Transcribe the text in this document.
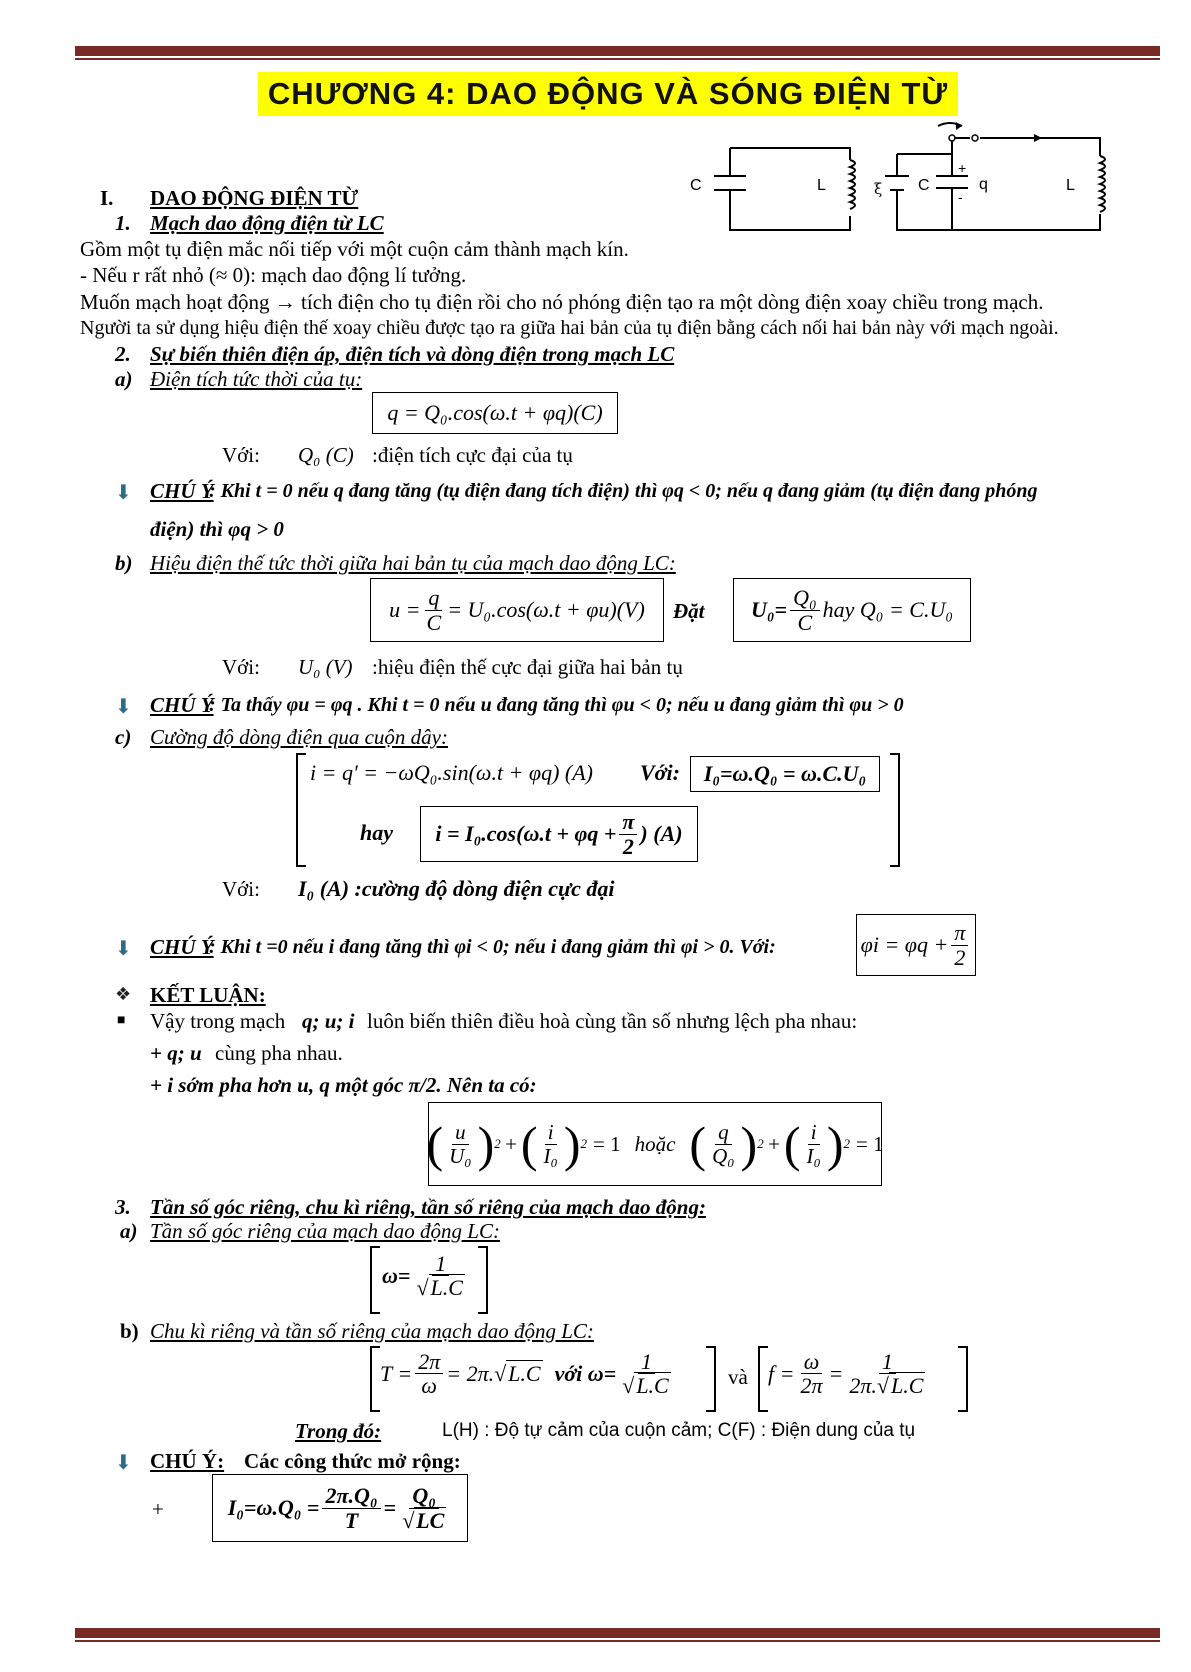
CHƯƠNG 4: DAO ĐỘNG VÀ SÓNG ĐIỆN TỪ
C	L	ξ C
+
-
q	L
I. DAO ĐỘNG ĐIỆN TỪ
1. Mạch dao động điện từ LC
Gồm một tụ điện mắc nối tiếp với một cuộn cảm thành mạch kín.
- Nếu r rất nhỏ (≈ 0): mạch dao động lí tưởng.
Muốn mạch hoạt động → tích điện cho tụ điện rồi cho nó phóng điện tạo ra một dòng điện xoay chiều trong mạch.
Người ta sử dụng hiệu điện thế xoay chiều được tạo ra giữa hai bản của tụ điện bằng cách nối hai bản này với mạch ngoài.
2. Sự biến thiên điện áp, điện tích và dòng điện trong mạch LC
a) Điện tích tức thời của tụ:
q = Q₀.cos(ω.t + φq)(C)
Với: Q₀ (C) :điện tích cực đại của tụ
⬇ CHÚ Ý
: Khi t = 0 nếu q đang tăng (tụ điện đang tích điện) thì φq < 0; nếu q đang giảm (tụ điện đang phóng
điện) thì φq > 0
b) Hiệu điện thế tức thời giữa hai bản tụ của mạch dao động LC:
$u = \frac{q}{C} = U_0.\cos(\omega.t + \varphi u)(V)$ Đặt $U_0= \frac{\text{Q₀}}{C}$ hay Q₀ = C.U₀
Với: U₀ (V) :hiệu điện thế cực đại giữa hai bản tụ
⬇ CHÚ Ý
: Ta thấy φu = φq . Khi t = 0 nếu u đang tăng thì φu < 0; nếu u đang giảm thì φu > 0
c) Cường độ dòng điện qua cuộn dây:
i = q' = −ωQ₀.sin(ω.t + φq) (A) Với: I₀=ω.Q₀ = ω.C.U₀
hay $i = I_0.\cos(\omega.t + \varphi q + \frac{\pi}{2}$ ) (A)
Với: I₀ (A) :cường độ dòng điện cực đại
⬇ CHÚ Ý
: Khi t =0 nếu i đang tăng thì φi < 0; nếu i đang giảm thì φi > 0. Với:	$\varphi i = \varphi q + \frac{\pi}{2}$
❖ KẾT LUẬN:
■ Vậy trong mạch q; u; i luôn biến thiên điều hoà cùng tần số nhưng lệch pha nhau:
+ q; u cùng pha nhau.
+ i sớm pha hơn u, q một góc π/2. Nên ta có:
( $\frac{u}{\text{U₀}}$ ) 2 + ( $\frac{i}{\text{I₀}}$ ) 2 = 1 hoặc ( $\frac{q}{\text{Q₀}}$ ) 2 + ( $\frac{i}{\text{I₀}}$ ) 2 = 1
3. Tần số góc riêng, chu kì riêng, tần số riêng của mạch dao động:
a) Tần số góc riêng của mạch dao động LC:
$\omega= \frac{1}{√L.C}$
b) Chu kì riêng và tần số riêng của mạch dao động LC:
$T = \frac{2\pi}{\omega} = 2\pi$. √ L.C với $\omega= \frac{1}{√L.C}$	và $f = \frac{\omega}{2\pi} = \frac{1}{2\pi.√L.C}$
Trong đó:	L(H) : Độ tự cảm của cuộn cảm; C(F) : Điện dung của tụ
⬇ CHÚ Ý: Các công thức mở rộng:
+	$I_0=\omega.Q_0 = \frac{\text{2π.Q₀}}{T} = \frac{\text{Q₀}}{√LC}$
